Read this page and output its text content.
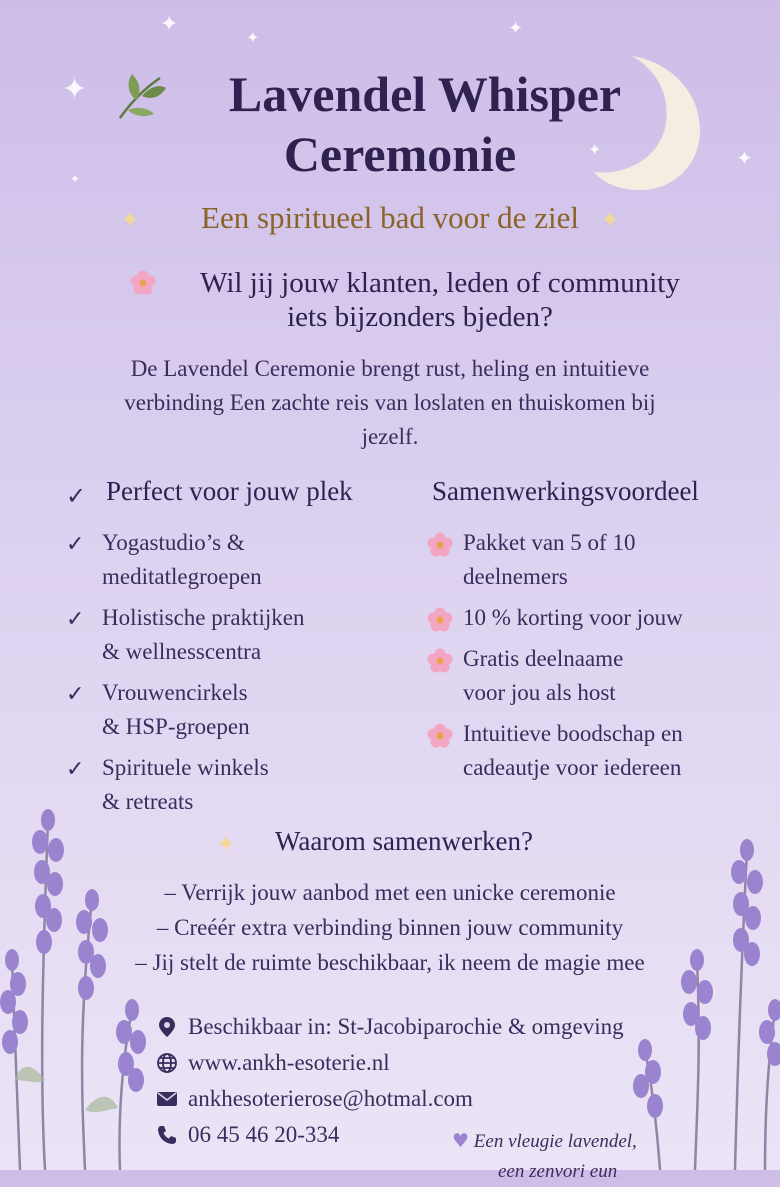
✦
✦
✦	✦
✦	✦
✦
Lavendel Whisper
Ceremonie
✦	Een spiritueel bad voor de ziel ✦
Wil jij jouw klanten, leden of community
iets bijzonders bjeden?
De Lavendel Ceremonie brengt rust, heling en intuitieve
verbinding Een zachte reis van loslaten en thuiskomen bij
jezelf.
✓ Perfect voor jouw plek
✓ Yogastudio’s &
meditatlegroepen
✓ Holistische praktijken
& wellnesscentra
✓ Vrouwencirkels
& HSP-groepen
✓ Spirituele winkels
& retreats
Samenwerkingsvoordeel
Pakket van 5 of 10
deelnemers
10 % korting voor jouw
Gratis deelnaame
voor jou als host
Intuitieve boodschap en
cadeautje voor iedereen
✦	Waarom samenwerken?
– Verrijk jouw aanbod met een unicke ceremonie
– Creéér extra verbinding binnen jouw community
– Jij stelt de ruimte beschikbaar, ik neem de magie mee
Beschikbaar in: St-Jacobiparochie & omgeving
www.ankh-esoterie.nl
ankhesoterierose@hotmal.com
06 45 46 20-334	♥ Een vleugie lavendel,
een zenvori eun
